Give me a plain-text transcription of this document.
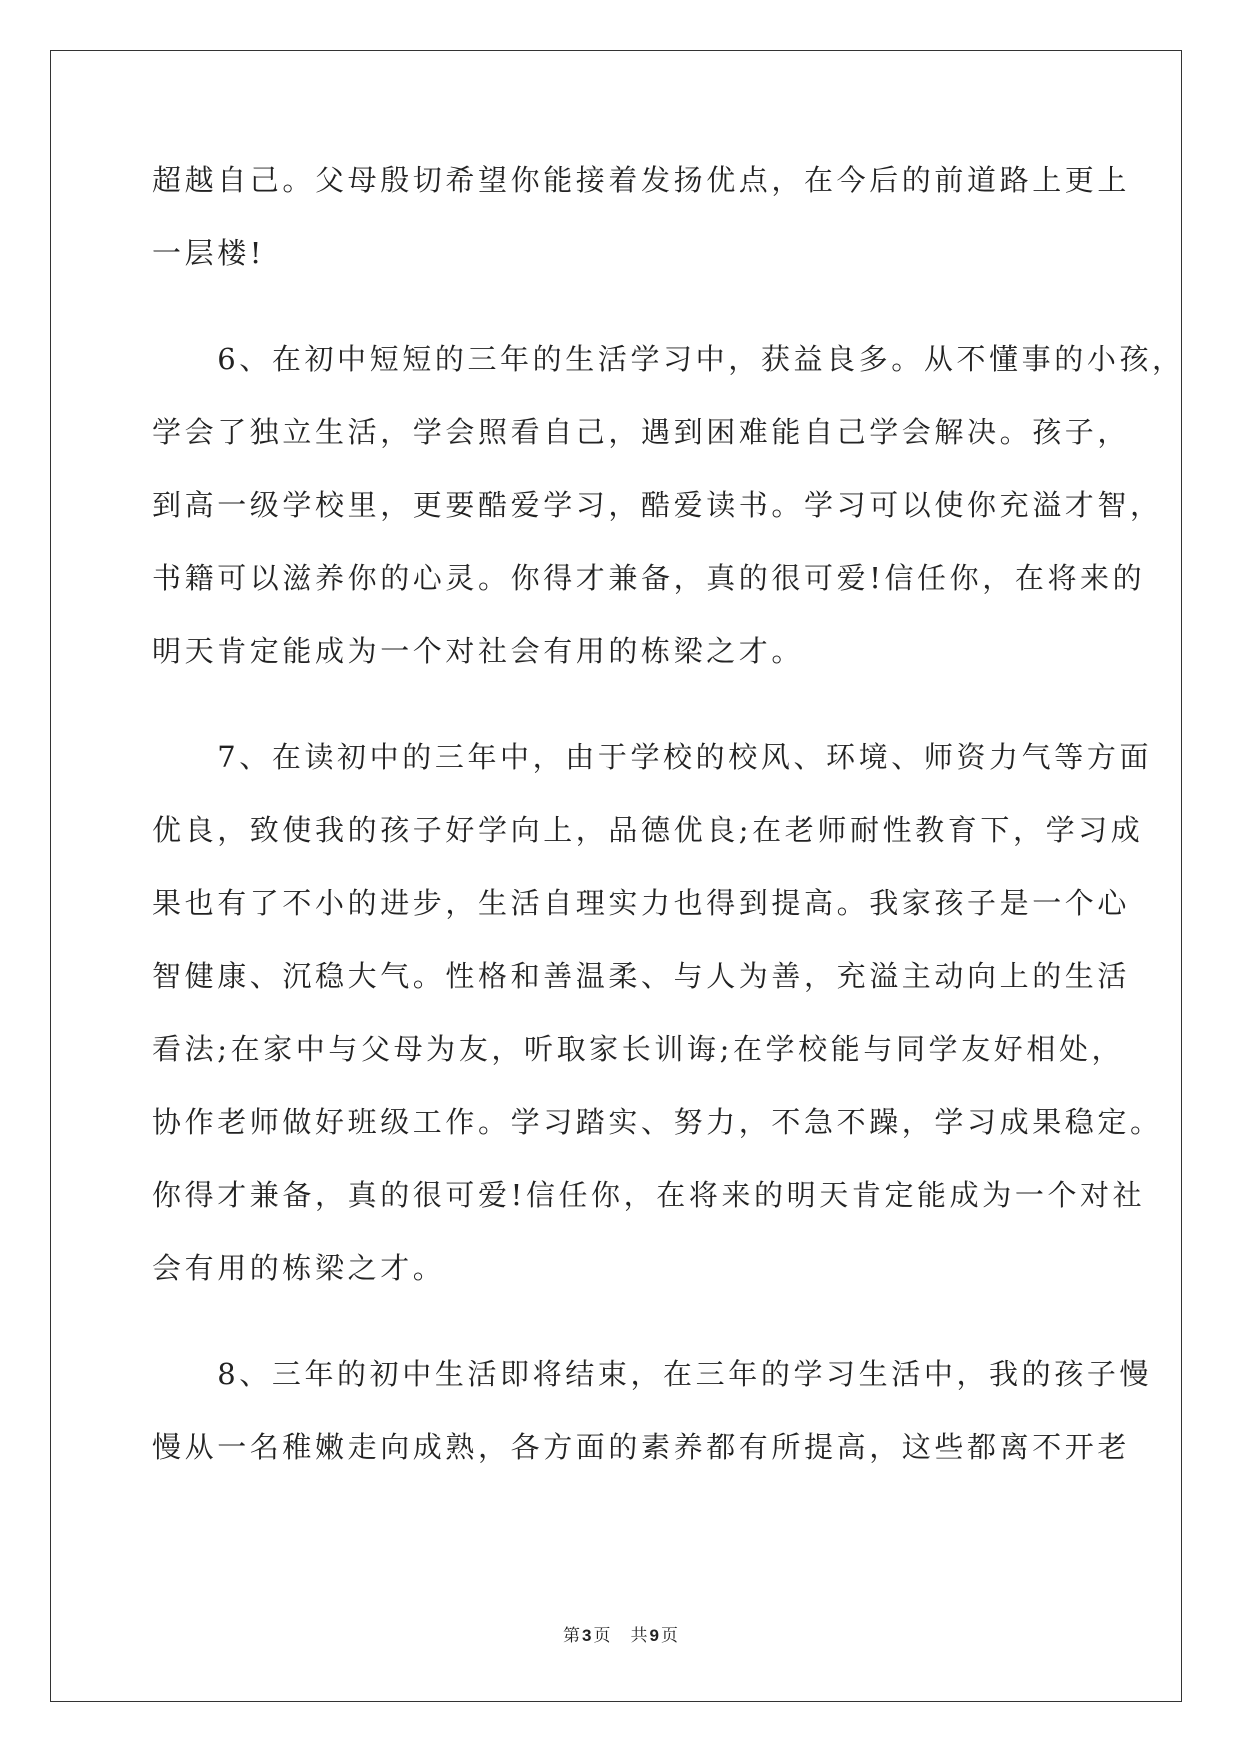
超越自己。父母殷切希望你能接着发扬优点，在今后的前道路上更上
一层楼!
　　6、在初中短短的三年的生活学习中，获益良多。从不懂事的小孩，
学会了独立生活，学会照看自己，遇到困难能自己学会解决。孩子，
到高一级学校里，更要酷爱学习，酷爱读书。学习可以使你充溢才智，
书籍可以滋养你的心灵。你得才兼备，真的很可爱!信任你，在将来的
明天肯定能成为一个对社会有用的栋梁之才。
　　7、在读初中的三年中，由于学校的校风、环境、师资力气等方面
优良，致使我的孩子好学向上，品德优良;在老师耐性教育下，学习成
果也有了不小的进步，生活自理实力也得到提高。我家孩子是一个心
智健康、沉稳大气。性格和善温柔、与人为善，充溢主动向上的生活
看法;在家中与父母为友，听取家长训诲;在学校能与同学友好相处，
协作老师做好班级工作。学习踏实、努力，不急不躁，学习成果稳定。
你得才兼备，真的很可爱!信任你，在将来的明天肯定能成为一个对社
会有用的栋梁之才。
　　8、三年的初中生活即将结束，在三年的学习生活中，我的孩子慢
慢从一名稚嫩走向成熟，各方面的素养都有所提高，这些都离不开老
第 3 页 共 9 页
